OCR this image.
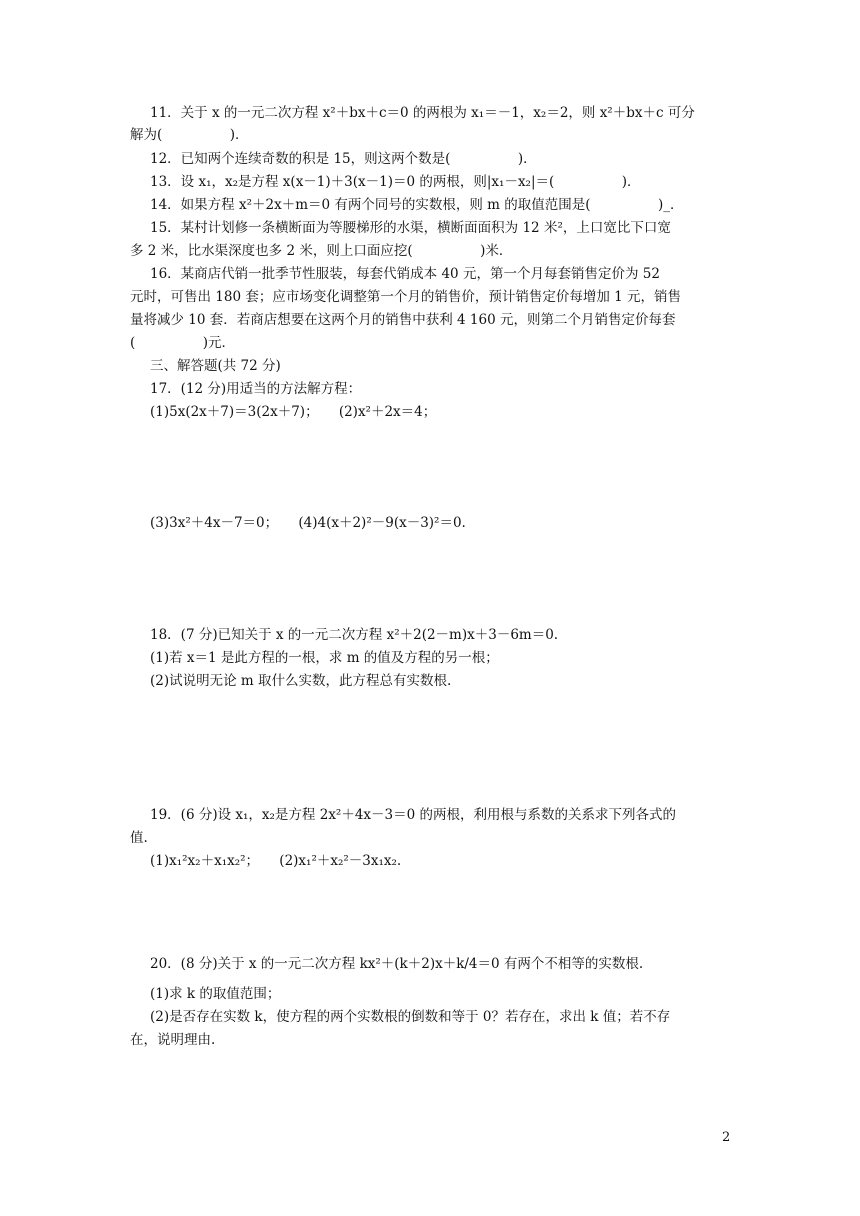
11．关于 x 的一元二次方程 x²＋bx＋c＝0 的两根为 x₁＝－1，x₂＝2，则 x²＋bx＋c 可分
解为(　　　　　)．
12．已知两个连续奇数的积是 15，则这两个数是(　　　　　)．
13．设 x₁，x₂是方程 x(x－1)＋3(x－1)＝0 的两根，则|x₁－x₂|＝(　　　　　)．
14．如果方程 x²＋2x＋m＝0 有两个同号的实数根，则 m 的取值范围是(　　　　　)_．
15．某村计划修一条横断面为等腰梯形的水渠，横断面面积为 12 米²，上口宽比下口宽
多 2 米，比水渠深度也多 2 米，则上口面应挖(　　　　　)米．
16．某商店代销一批季节性服装，每套代销成本 40 元，第一个月每套销售定价为 52
元时，可售出 180 套；应市场变化调整第一个月的销售价，预计销售定价每增加 1 元，销售
量将减少 10 套．若商店想要在这两个月的销售中获利 4 160 元，则第二个月销售定价每套
(　　　　　)元．
三、解答题(共 72 分)
17．(12 分)用适当的方法解方程：
(1)5x(2x＋7)＝3(2x＋7)；　　(2)x²＋2x＝4；
(3)3x²＋4x－7＝0；　　(4)4(x＋2)²－9(x－3)²＝0.
18．(7 分)已知关于 x 的一元二次方程 x²＋2(2－m)x＋3－6m＝0.
(1)若 x＝1 是此方程的一根，求 m 的值及方程的另一根；
(2)试说明无论 m 取什么实数，此方程总有实数根.
19．(6 分)设 x₁，x₂是方程 2x²＋4x－3＝0 的两根，利用根与系数的关系求下列各式的
值.
(1)x₁²x₂＋x₁x₂²；　　(2)x₁²＋x₂²－3x₁x₂.
20．(8 分)关于 x 的一元二次方程 kx²＋(k＋2)x＋k/4＝0 有两个不相等的实数根.
(1)求 k 的取值范围；
(2)是否存在实数 k，使方程的两个实数根的倒数和等于 0？若存在，求出 k 值；若不存
在，说明理由.
2
